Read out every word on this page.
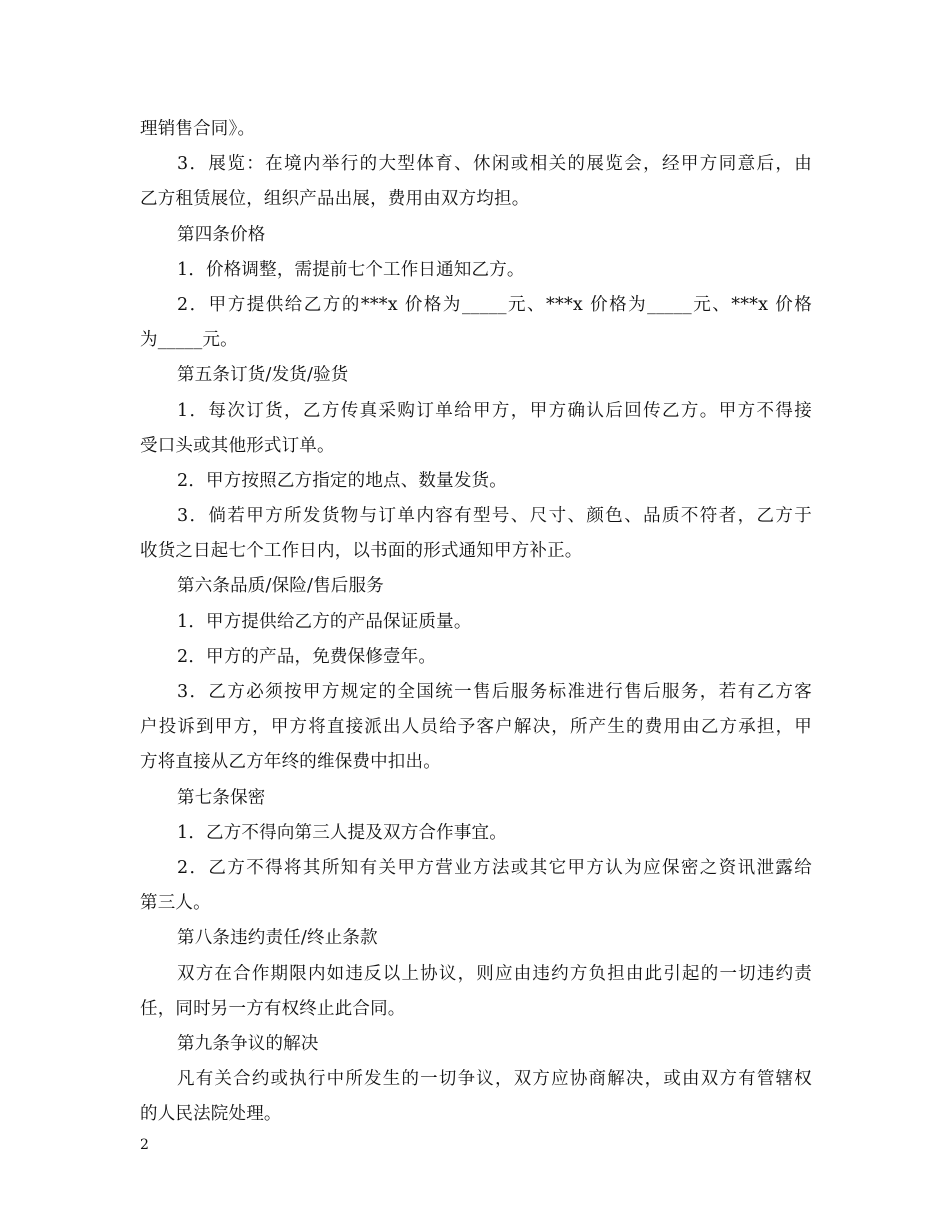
理销售合同》。
3．展览：在境内举行的大型体育、休闲或相关的展览会，经甲方同意后，由
乙方租赁展位，组织产品出展，费用由双方均担。
第四条价格
1．价格调整，需提前七个工作日通知乙方。
2．甲方提供给乙方的***x 价格为_____元、***x 价格为_____元、***x 价格
为_____元。
第五条订货/发货/验货
1．每次订货，乙方传真采购订单给甲方，甲方确认后回传乙方。甲方不得接
受口头或其他形式订单。
2．甲方按照乙方指定的地点、数量发货。
3．倘若甲方所发货物与订单内容有型号、尺寸、颜色、品质不符者，乙方于
收货之日起七个工作日内，以书面的形式通知甲方补正。
第六条品质/保险/售后服务
1．甲方提供给乙方的产品保证质量。
2．甲方的产品，免费保修壹年。
3．乙方必须按甲方规定的全国统一售后服务标准进行售后服务，若有乙方客
户投诉到甲方，甲方将直接派出人员给予客户解决，所产生的费用由乙方承担，甲
方将直接从乙方年终的维保费中扣出。
第七条保密
1．乙方不得向第三人提及双方合作事宜。
2．乙方不得将其所知有关甲方营业方法或其它甲方认为应保密之资讯泄露给
第三人。
第八条违约责任/终止条款
双方在合作期限内如违反以上协议，则应由违约方负担由此引起的一切违约责
任，同时另一方有权终止此合同。
第九条争议的解决
凡有关合约或执行中所发生的一切争议，双方应协商解决，或由双方有管辖权
的人民法院处理。
2
